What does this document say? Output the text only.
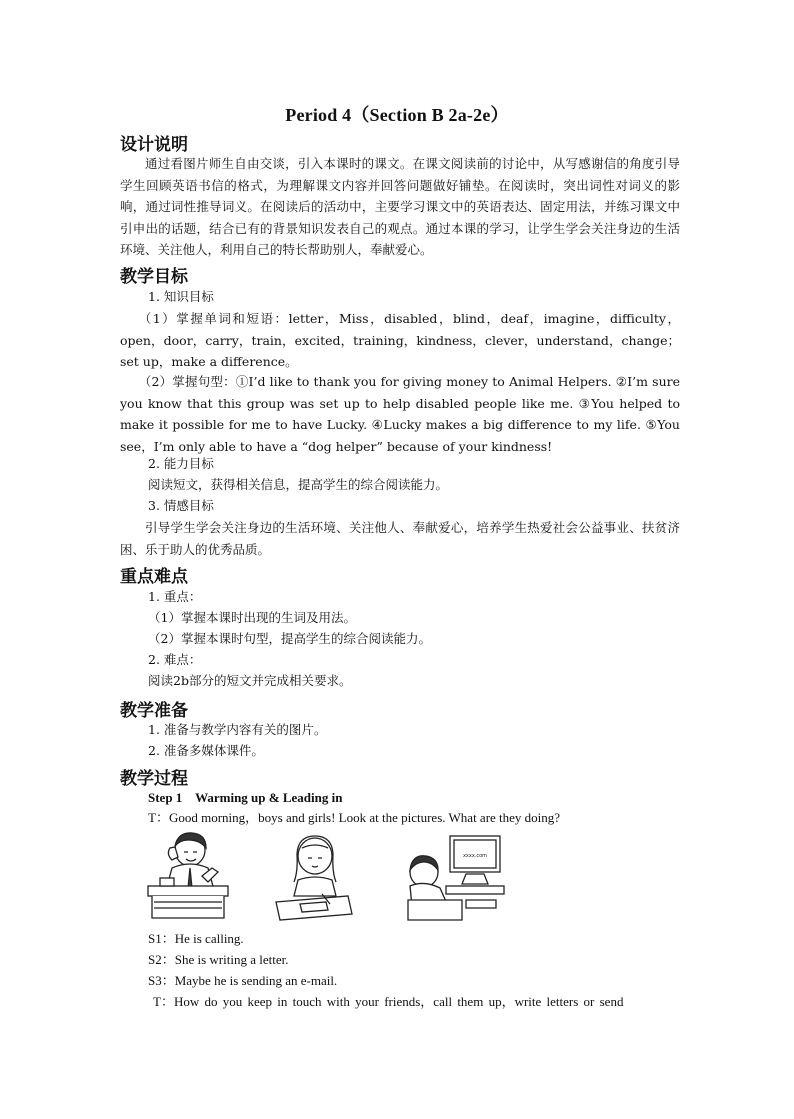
Period 4（Section B 2a-2e）
设计说明

通过看图片师生自由交谈，引入本课时的课文。在课文阅读前的讨论中，从写感谢信的角度引导学生回顾英语书信的格式，为理解课文内容并回答问题做好铺垫。在阅读时，突出词性对词义的影响，通过词性推导词义。在阅读后的活动中，主要学习课文中的英语表达、固定用法，并练习课文中引申出的话题，结合已有的背景知识发表自己的观点。通过本课的学习，让学生学会关注身边的生活环境、关注他人，利用自己的特长帮助别人，奉献爱心。

教学目标

1. 知识目标

（1）掌握单词和短语：letter，Miss，disabled，blind，deaf，imagine，difficulty，open，door，carry，train，excited，training，kindness，clever，understand，change；set up，make a difference。

（2）掌握句型：①I’d like to thank you for giving money to Animal Helpers. ②I’m sure you know that this group was set up to help disabled people like me. ③You helped to make it possible for me to have Lucky. ④Lucky makes a big difference to my life. ⑤You see，I’m only able to have a “dog helper” because of your kindness!

2. 能力目标

阅读短文，获得相关信息，提高学生的综合阅读能力。

3. 情感目标

引导学生学会关注身边的生活环境、关注他人、奉献爱心，培养学生热爱社会公益事业、扶贫济困、乐于助人的优秀品质。

重点难点

1. 重点：

（1）掌握本课时出现的生词及用法。

（2）掌握本课时句型，提高学生的综合阅读能力。

2. 难点：

阅读2b部分的短文并完成相关要求。

教学准备

1. 准备与教学内容有关的图片。

2. 准备多媒体课件。

教学过程

Step 1    Warming up & Leading in

T：Good morning，boys and girls! Look at the pictures. What are they doing?

xxxx.com

S1：He is calling.

S2：She is writing a letter.

S3：Maybe he is sending an e-mail.

T：How do you keep in touch with your friends，call them up，write letters or send
